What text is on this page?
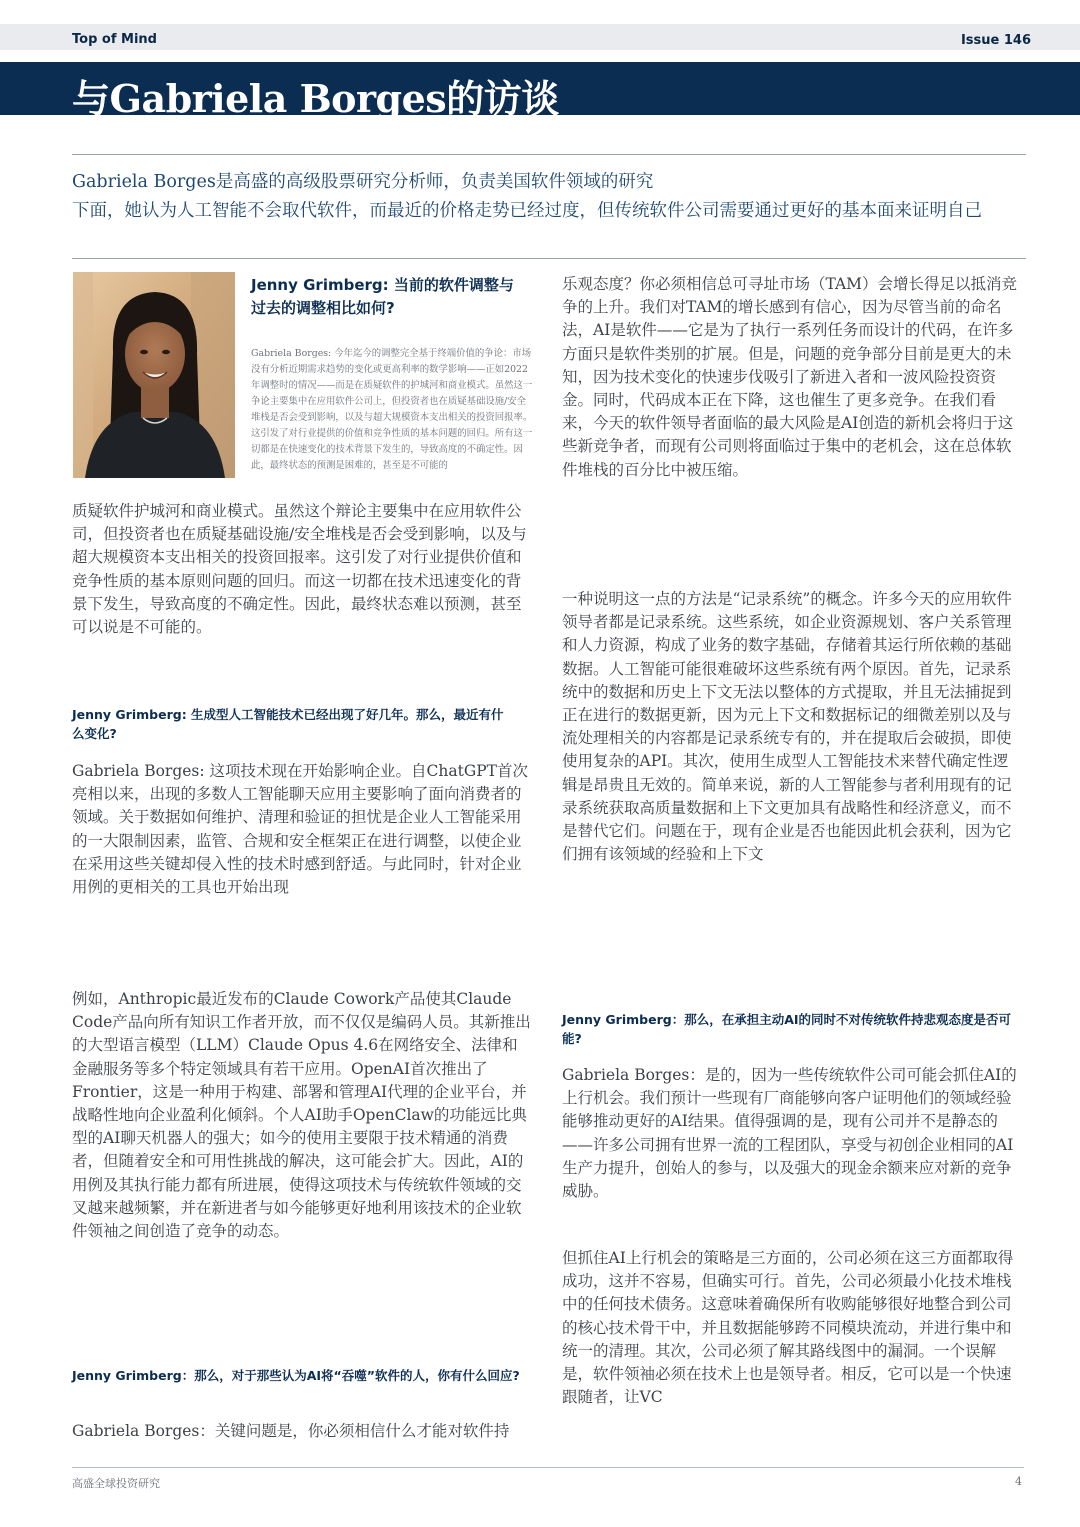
Top of Mind	Issue 146
与Gabriela Borges的访谈
Gabriela Borges是高盛的高级股票研究分析师，负责美国软件领域的研究
下面，她认为人工智能不会取代软件，而最近的价格走势已经过度，但传统软件公司需要通过更好的基本面来证明自己
Jenny Grimberg: 当前的软件调整与过去的调整相比如何?
Gabriela Borges: 今年迄今的调整完全基于终端价值的争论：市场没有分析近期需求趋势的变化或更高利率的数学影响——正如2022年调整时的情况——而是在质疑软件的护城河和商业模式。虽然这一争论主要集中在应用软件公司上，但投资者也在质疑基础设施/安全堆栈是否会受到影响，以及与超大规模资本支出相关的投资回报率。这引发了对行业提供的价值和竞争性质的基本问题的回归。所有这一切都是在快速变化的技术背景下发生的，导致高度的不确定性。因此，最终状态的预测是困难的，甚至是不可能的
质疑软件护城河和商业模式。虽然这个辩论主要集中在应用软件公司，但投资者也在质疑基础设施/安全堆栈是否会受到影响，以及与超大规模资本支出相关的投资回报率。这引发了对行业提供价值和竞争性质的基本原则问题的回归。而这一切都在技术迅速变化的背景下发生，导致高度的不确定性。因此，最终状态难以预测，甚至可以说是不可能的。
Jenny Grimberg: 生成型人工智能技术已经出现了好几年。那么，最近有什么变化?
Gabriela Borges: 这项技术现在开始影响企业。自ChatGPT首次亮相以来，出现的多数人工智能聊天应用主要影响了面向消费者的领域。关于数据如何维护、清理和验证的担忧是企业人工智能采用的一大限制因素，监管、合规和安全框架正在进行调整，以使企业在采用这些关键却侵入性的技术时感到舒适。与此同时，针对企业用例的更相关的工具也开始出现
例如，Anthropic最近发布的Claude Cowork产品使其Claude Code产品向所有知识工作者开放，而不仅仅是编码人员。其新推出的大型语言模型（LLM）Claude Opus 4.6在网络安全、法律和金融服务等多个特定领域具有若干应用。OpenAI首次推出了Frontier，这是一种用于构建、部署和管理AI代理的企业平台，并战略性地向企业盈利化倾斜。个人AI助手OpenClaw的功能远比典型的AI聊天机器人的强大；如今的使用主要限于技术精通的消费者，但随着安全和可用性挑战的解决，这可能会扩大。因此，AI的用例及其执行能力都有所进展，使得这项技术与传统软件领域的交叉越来越频繁，并在新进者与如今能够更好地利用该技术的企业软件领袖之间创造了竞争的动态。
Jenny Grimberg：那么，对于那些认为AI将“吞噬”软件的人，你有什么回应?
Gabriela Borges：关键问题是，你必须相信什么才能对软件持
乐观态度？你必须相信总可寻址市场（TAM）会增长得足以抵消竞争的上升。我们对TAM的增长感到有信心，因为尽管当前的命名法，AI是软件——它是为了执行一系列任务而设计的代码，在许多方面只是软件类别的扩展。但是，问题的竞争部分目前是更大的未知，因为技术变化的快速步伐吸引了新进入者和一波风险投资资金。同时，代码成本正在下降，这也催生了更多竞争。在我们看来，今天的软件领导者面临的最大风险是AI创造的新机会将归于这些新竞争者，而现有公司则将面临过于集中的老机会，这在总体软件堆栈的百分比中被压缩。
一种说明这一点的方法是“记录系统”的概念。许多今天的应用软件领导者都是记录系统。这些系统，如企业资源规划、客户关系管理和人力资源，构成了业务的数字基础，存储着其运行所依赖的基础数据。人工智能可能很难破坏这些系统有两个原因。首先，记录系统中的数据和历史上下文无法以整体的方式提取，并且无法捕捉到正在进行的数据更新，因为元上下文和数据标记的细微差别以及与流处理相关的内容都是记录系统专有的，并在提取后会破损，即使使用复杂的API。其次，使用生成型人工智能技术来替代确定性逻辑是昂贵且无效的。简单来说，新的人工智能参与者利用现有的记录系统获取高质量数据和上下文更加具有战略性和经济意义，而不是替代它们。问题在于，现有企业是否也能因此机会获利，因为它们拥有该领域的经验和上下文
Jenny Grimberg：那么，在承担主动AI的同时不对传统软件持悲观态度是否可能?
Gabriela Borges：是的，因为一些传统软件公司可能会抓住AI的上行机会。我们预计一些现有厂商能够向客户证明他们的领域经验能够推动更好的AI结果。值得强调的是，现有公司并不是静态的——许多公司拥有世界一流的工程团队，享受与初创企业相同的AI生产力提升，创始人的参与，以及强大的现金余额来应对新的竞争威胁。
但抓住AI上行机会的策略是三方面的，公司必须在这三方面都取得成功，这并不容易，但确实可行。首先，公司必须最小化技术堆栈中的任何技术债务。这意味着确保所有收购能够很好地整合到公司的核心技术骨干中，并且数据能够跨不同模块流动，并进行集中和统一的清理。其次，公司必须了解其路线图中的漏洞。一个误解是，软件领袖必须在技术上也是领导者。相反，它可以是一个快速跟随者，让VC
高盛全球投资研究	4
